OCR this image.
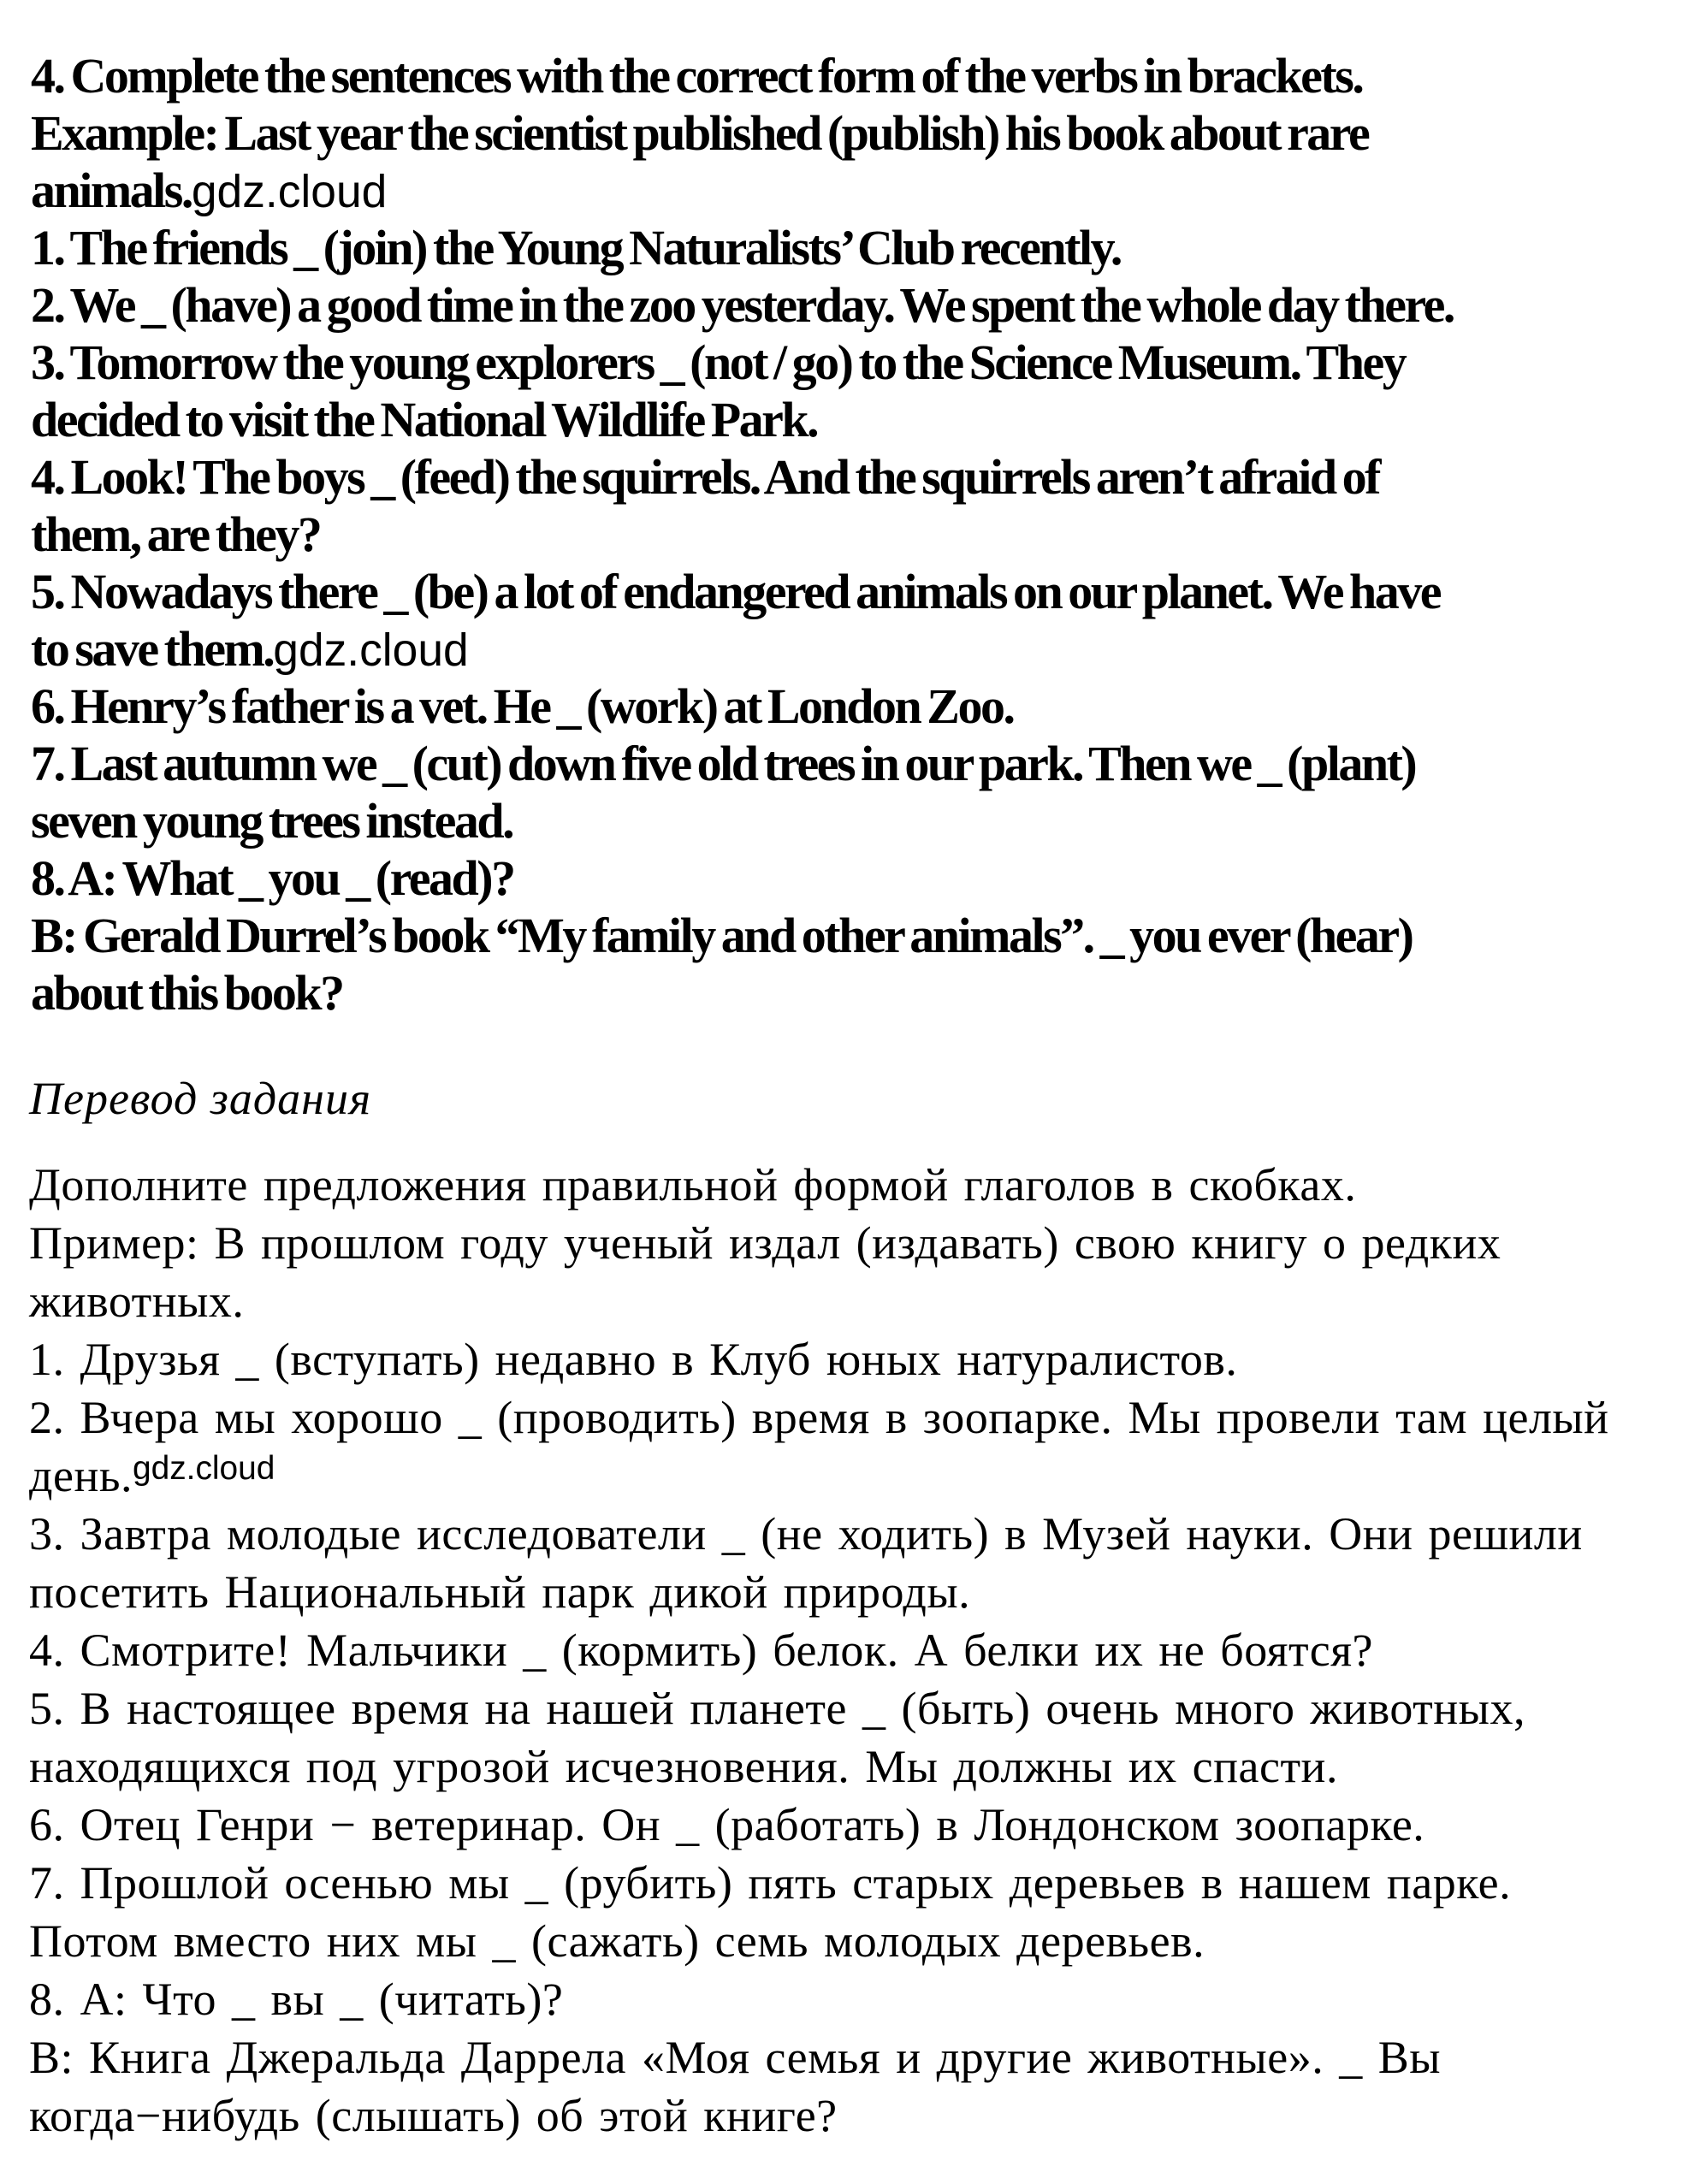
4. Complete the sentences with the correct form of the verbs in brackets.
Example: Last year the scientist published (publish) his book about rare
animals.gdz.cloud
1. The friends _ (join) the Young Naturalists’ Club recently.
2. We _ (have) a good time in the zoo yesterday. We spent the whole day there.
3. Tomorrow the young explorers _ (not / go) to the Science Museum. They
decided to visit the National Wildlife Park.
4. Look! The boys _ (feed) the squirrels. And the squirrels aren’t afraid of
them, are they?
5. Nowadays there _ (be) a lot of endangered animals on our planet. We have
to save them.gdz.cloud
6. Henry’s father is a vet. He _ (work) at London Zoo.
7. Last autumn we _ (cut) down five old trees in our park. Then we _ (plant)
seven young trees instead.
8. A: What _ you _ (read)?
B: Gerald Durrel’s book “My family and other animals”. _ you ever (hear)
about this book?
Перевод задания
Дополните предложения правильной формой глаголов в скобках.
Пример: В прошлом году ученый издал (издавать) свою книгу о редких
животных.
1. Друзья _ (вступать) недавно в Клуб юных натуралистов.
2. Вчера мы хорошо _ (проводить) время в зоопарке. Мы провели там целый
день.$^{gdz.cloud}$
3. Завтра молодые исследователи _ (не ходить) в Музей науки. Они решили
посетить Национальный парк дикой природы.
4. Смотрите! Мальчики _ (кормить) белок. А белки их не боятся?
5. В настоящее время на нашей планете _ (быть) очень много животных,
находящихся под угрозой исчезновения. Мы должны их спасти.
6. Отец Генри − ветеринар. Он _ (работать) в Лондонском зоопарке.
7. Прошлой осенью мы _ (рубить) пять старых деревьев в нашем парке.
Потом вместо них мы _ (сажать) семь молодых деревьев.
8. А: Что _ вы _ (читать)?
В: Книга Джеральда Даррела «Моя семья и другие животные». _ Вы
когда−нибудь (слышать) об этой книге?
